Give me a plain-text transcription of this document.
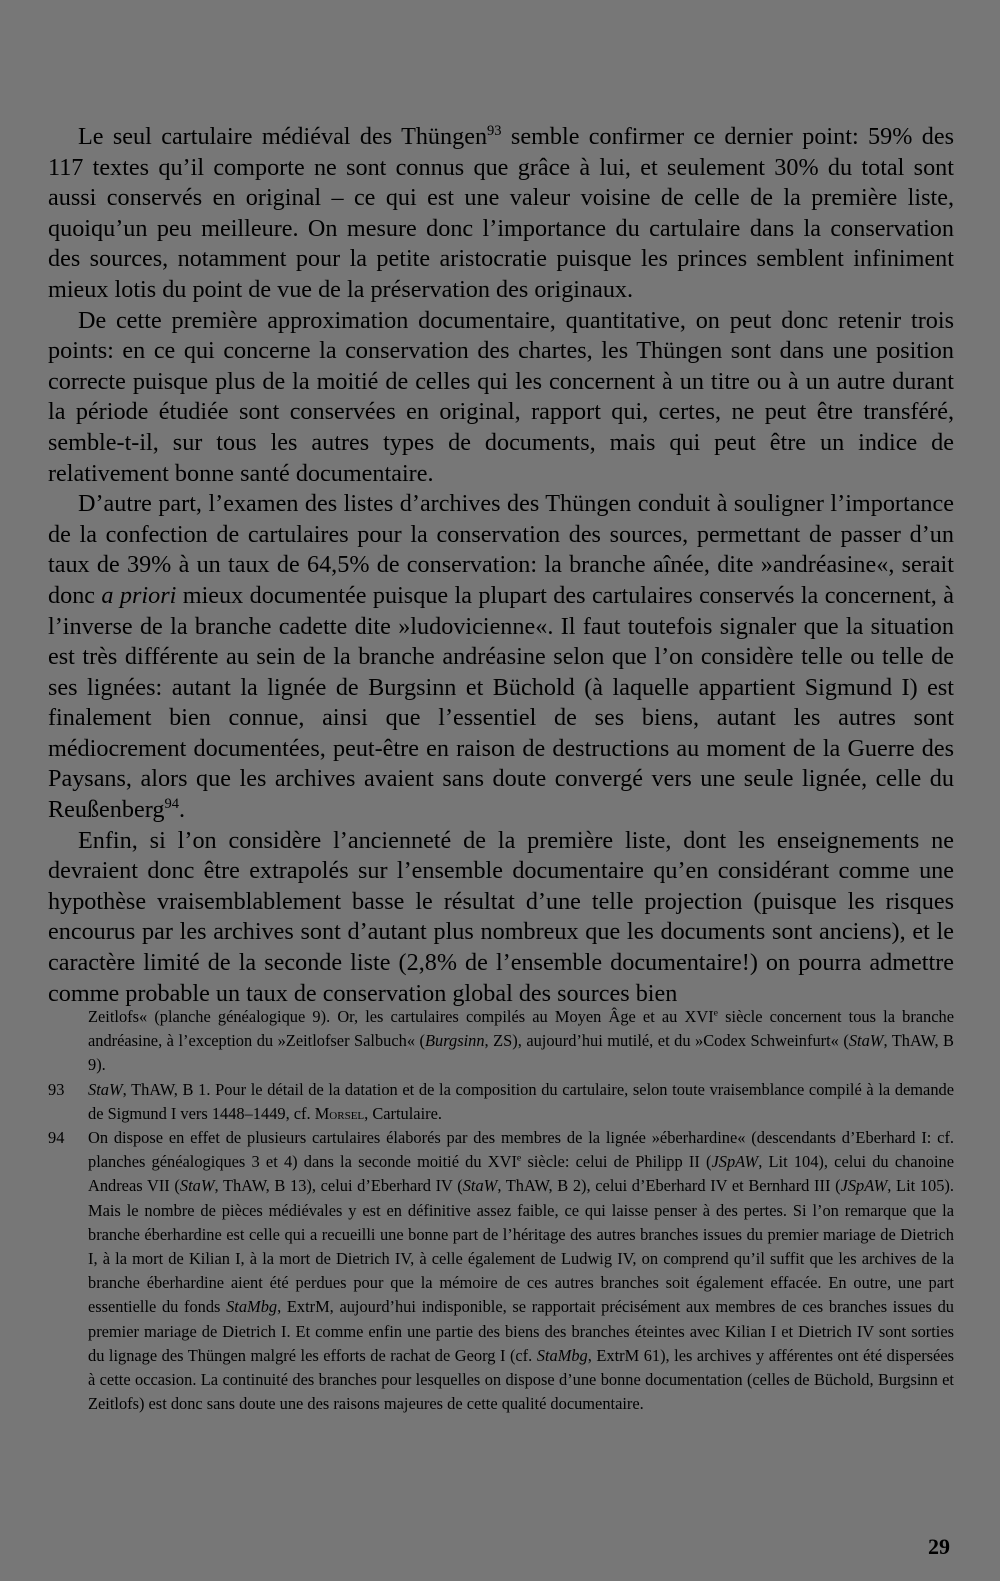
Le seul cartulaire médiéval des Thüngen$^{93}$ semble confirmer ce dernier point: 59% des 117 textes qu’il comporte ne sont connus que grâce à lui, et seulement 30% du total sont aussi conservés en original – ce qui est une valeur voisine de celle de la première liste, quoiqu’un peu meilleure. On mesure donc l’importance du cartulaire dans la conservation des sources, notamment pour la petite aristocratie puisque les princes semblent infiniment mieux lotis du point de vue de la préservation des originaux.

De cette première approximation documentaire, quantitative, on peut donc retenir trois points: en ce qui concerne la conservation des chartes, les Thüngen sont dans une position correcte puisque plus de la moitié de celles qui les concernent à un titre ou à un autre durant la période étudiée sont conservées en original, rapport qui, certes, ne peut être transféré, semble-t-il, sur tous les autres types de documents, mais qui peut être un indice de relativement bonne santé documentaire.

D’autre part, l’examen des listes d’archives des Thüngen conduit à souligner l’importance de la confection de cartulaires pour la conservation des sources, permettant de passer d’un taux de 39% à un taux de 64,5% de conservation: la branche aînée, dite »andréasine«, serait donc a priori mieux documentée puisque la plupart des cartulaires conservés la concernent, à l’inverse de la branche cadette dite »ludovicienne«. Il faut toutefois signaler que la situation est très différente au sein de la branche andréasine selon que l’on considère telle ou telle de ses lignées: autant la lignée de Burgsinn et Büchold (à laquelle appartient Sigmund I) est finalement bien connue, ainsi que l’essentiel de ses biens, autant les autres sont médiocrement documentées, peut-être en raison de destructions au moment de la Guerre des Paysans, alors que les archives avaient sans doute convergé vers une seule lignée, celle du Reußenberg$^{94}$.

Enfin, si l’on considère l’ancienneté de la première liste, dont les enseignements ne devraient donc être extrapolés sur l’ensemble documentaire qu’en considérant comme une hypothèse vraisemblablement basse le résultat d’une telle projection (puisque les risques encourus par les archives sont d’autant plus nombreux que les documents sont anciens), et le caractère limité de la seconde liste (2,8% de l’ensemble documentaire!) on pourra admettre comme probable un taux de conservation global des sources bien

Zeitlofs« (planche généalogique 9). Or, les cartulaires compilés au Moyen Âge et au XVIe siècle concernent tous la branche andréasine, à l’exception du »Zeitlofser Salbuch« (Burgsinn, ZS), aujourd’hui mutilé, et du »Codex Schweinfurt« (StaW, ThAW, B 9).

93 StaW, ThAW, B 1. Pour le détail de la datation et de la composition du cartulaire, selon toute vraisemblance compilé à la demande de Sigmund I vers 1448–1449, cf. Morsel, Cartulaire.

94 On dispose en effet de plusieurs cartulaires élaborés par des membres de la lignée »éberhardine« (descendants d’Eberhard I: cf. planches généalogiques 3 et 4) dans la seconde moitié du XVIe siècle: celui de Philipp II (JSpAW, Lit 104), celui du chanoine Andreas VII (StaW, ThAW, B 13), celui d’Eberhard IV (StaW, ThAW, B 2), celui d’Eberhard IV et Bernhard III (JSpAW, Lit 105). Mais le nombre de pièces médiévales y est en définitive assez faible, ce qui laisse penser à des pertes. Si l’on remarque que la branche éberhardine est celle qui a recueilli une bonne part de l’héritage des autres branches issues du premier mariage de Dietrich I, à la mort de Kilian I, à la mort de Dietrich IV, à celle également de Ludwig IV, on comprend qu’il suffit que les archives de la branche éberhardine aient été perdues pour que la mémoire de ces autres branches soit également effacée. En outre, une part essentielle du fonds StaMbg, ExtrM, aujourd’hui indisponible, se rapportait précisément aux membres de ces branches issues du premier mariage de Dietrich I. Et comme enfin une partie des biens des branches éteintes avec Kilian I et Dietrich IV sont sorties du lignage des Thüngen malgré les efforts de rachat de Georg I (cf. StaMbg, ExtrM 61), les archives y afférentes ont été dispersées à cette occasion. La continuité des branches pour lesquelles on dispose d’une bonne documentation (celles de Büchold, Burgsinn et Zeitlofs) est donc sans doute une des raisons majeures de cette qualité documentaire.

29
